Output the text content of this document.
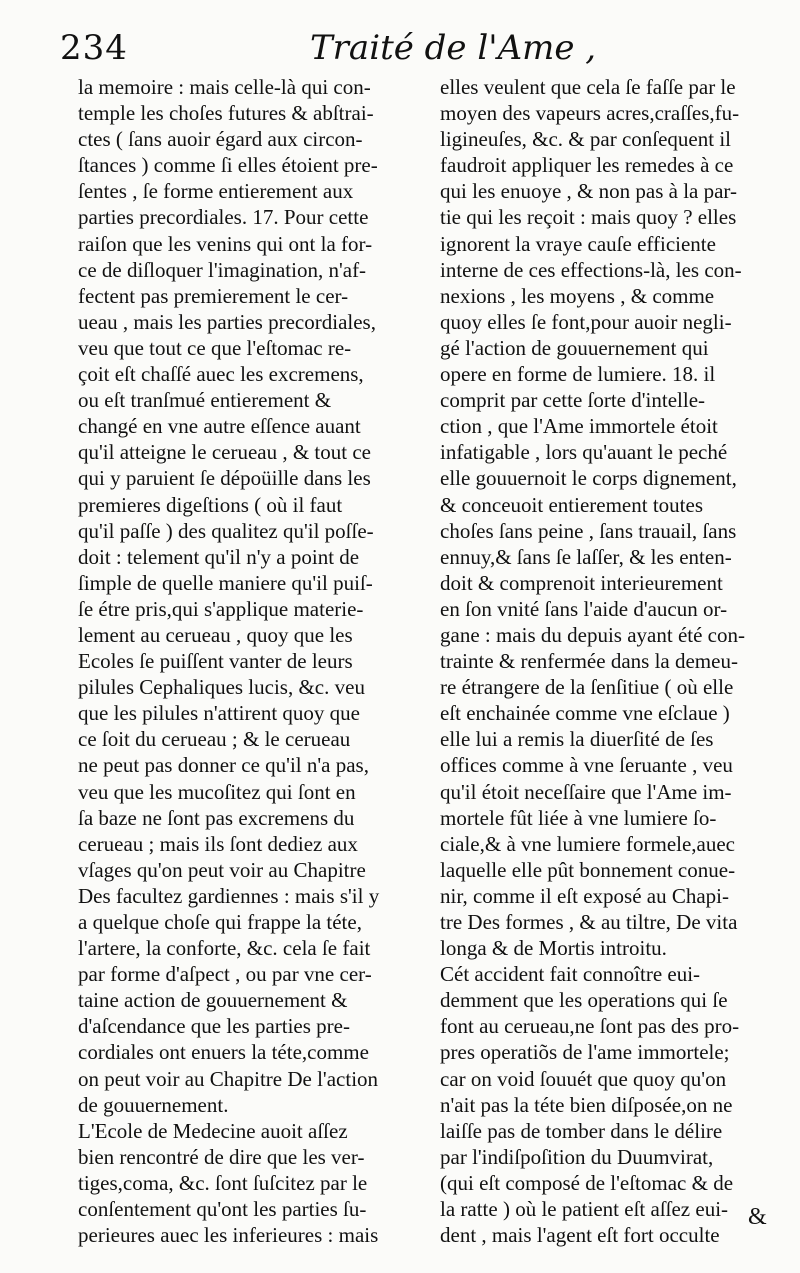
234	Traité de l'Ame ,
la memoire : mais celle-là qui con-
temple les choſes futures & abſtrai-
ctes ( ſans auoir égard aux circon-
ſtances ) comme ſi elles étoient pre-
ſentes , ſe forme entierement aux
parties precordiales. 17. Pour cette
raiſon que les venins qui ont la for-
ce de diſloquer l'imagination, n'af-
fectent pas premierement le cer-
ueau , mais les parties precordiales,
veu que tout ce que l'eſtomac re-
çoit eſt chaſſé auec les excremens,
ou eſt tranſmué entierement &
changé en vne autre eſſence auant
qu'il atteigne le cerueau , & tout ce
qui y paruient ſe dépoüille dans les
premieres digeſtions ( où il faut
qu'il paſſe ) des qualitez qu'il poſſe-
doit : telement qu'il n'y a point de
ſimple de quelle maniere qu'il puiſ-
ſe étre pris,qui s'applique materie-
lement au cerueau , quoy que les
Ecoles ſe puiſſent vanter de leurs
pilules Cephaliques lucis, &c. veu
que les pilules n'attirent quoy que
ce ſoit du cerueau ; & le cerueau
ne peut pas donner ce qu'il n'a pas,
veu que les mucoſitez qui ſont en
ſa baze ne ſont pas excremens du
cerueau ; mais ils ſont dediez aux
vſages qu'on peut voir au Chapitre
Des facultez gardiennes : mais s'il y
a quelque choſe qui frappe la téte,
l'artere, la conforte, &c. cela ſe fait
par forme d'aſpect , ou par vne cer-
taine action de gouuernement &
d'aſcendance que les parties pre-
cordiales ont enuers la téte,comme
on peut voir au Chapitre De l'action
de gouuernement.
L'Ecole de Medecine auoit aſſez
bien rencontré de dire que les ver-
tiges,coma, &c. ſont ſuſcitez par le
conſentement qu'ont les parties ſu-
perieures auec les inferieures : mais
elles veulent que cela ſe faſſe par le
moyen des vapeurs acres,craſſes,fu-
ligineuſes, &c. & par conſequent il
faudroit appliquer les remedes à ce
qui les enuoye , & non pas à la par-
tie qui les reçoit : mais quoy ? elles
ignorent la vraye cauſe efficiente
interne de ces effections-là, les con-
nexions , les moyens , & comme
quoy elles ſe font,pour auoir negli-
gé l'action de gouuernement qui
opere en forme de lumiere. 18. il
comprit par cette ſorte d'intelle-
ction , que l'Ame immortele étoit
infatigable , lors qu'auant le peché
elle gouuernoit le corps dignement,
& conceuoit entierement toutes
choſes ſans peine , ſans trauail, ſans
ennuy,& ſans ſe laſſer, & les enten-
doit & comprenoit interieurement
en ſon vnité ſans l'aide d'aucun or-
gane : mais du depuis ayant été con-
trainte & renfermée dans la demeu-
re étrangere de la ſenſitiue ( où elle
eſt enchainée comme vne eſclaue )
elle lui a remis la diuerſité de ſes
offices comme à vne ſeruante , veu
qu'il étoit neceſſaire que l'Ame im-
mortele fût liée à vne lumiere ſo-
ciale,& à vne lumiere formele,auec
laquelle elle pût bonnement conue-
nir, comme il eſt exposé au Chapi-
tre Des formes , & au tiltre, De vita
longa & de Mortis introitu.
Cét accident fait connoître eui-
demment que les operations qui ſe
font au cerueau,ne ſont pas des pro-
pres operatiõs de l'ame immortele;
car on void ſouuét que quoy qu'on
n'ait pas la téte bien diſposée,on ne
laiſſe pas de tomber dans le délire
par l'indiſpoſition du Duumvirat,
(qui eſt composé de l'eſtomac & de
la ratte ) où le patient eſt aſſez eui-
dent , mais l'agent eſt fort occulte
&
